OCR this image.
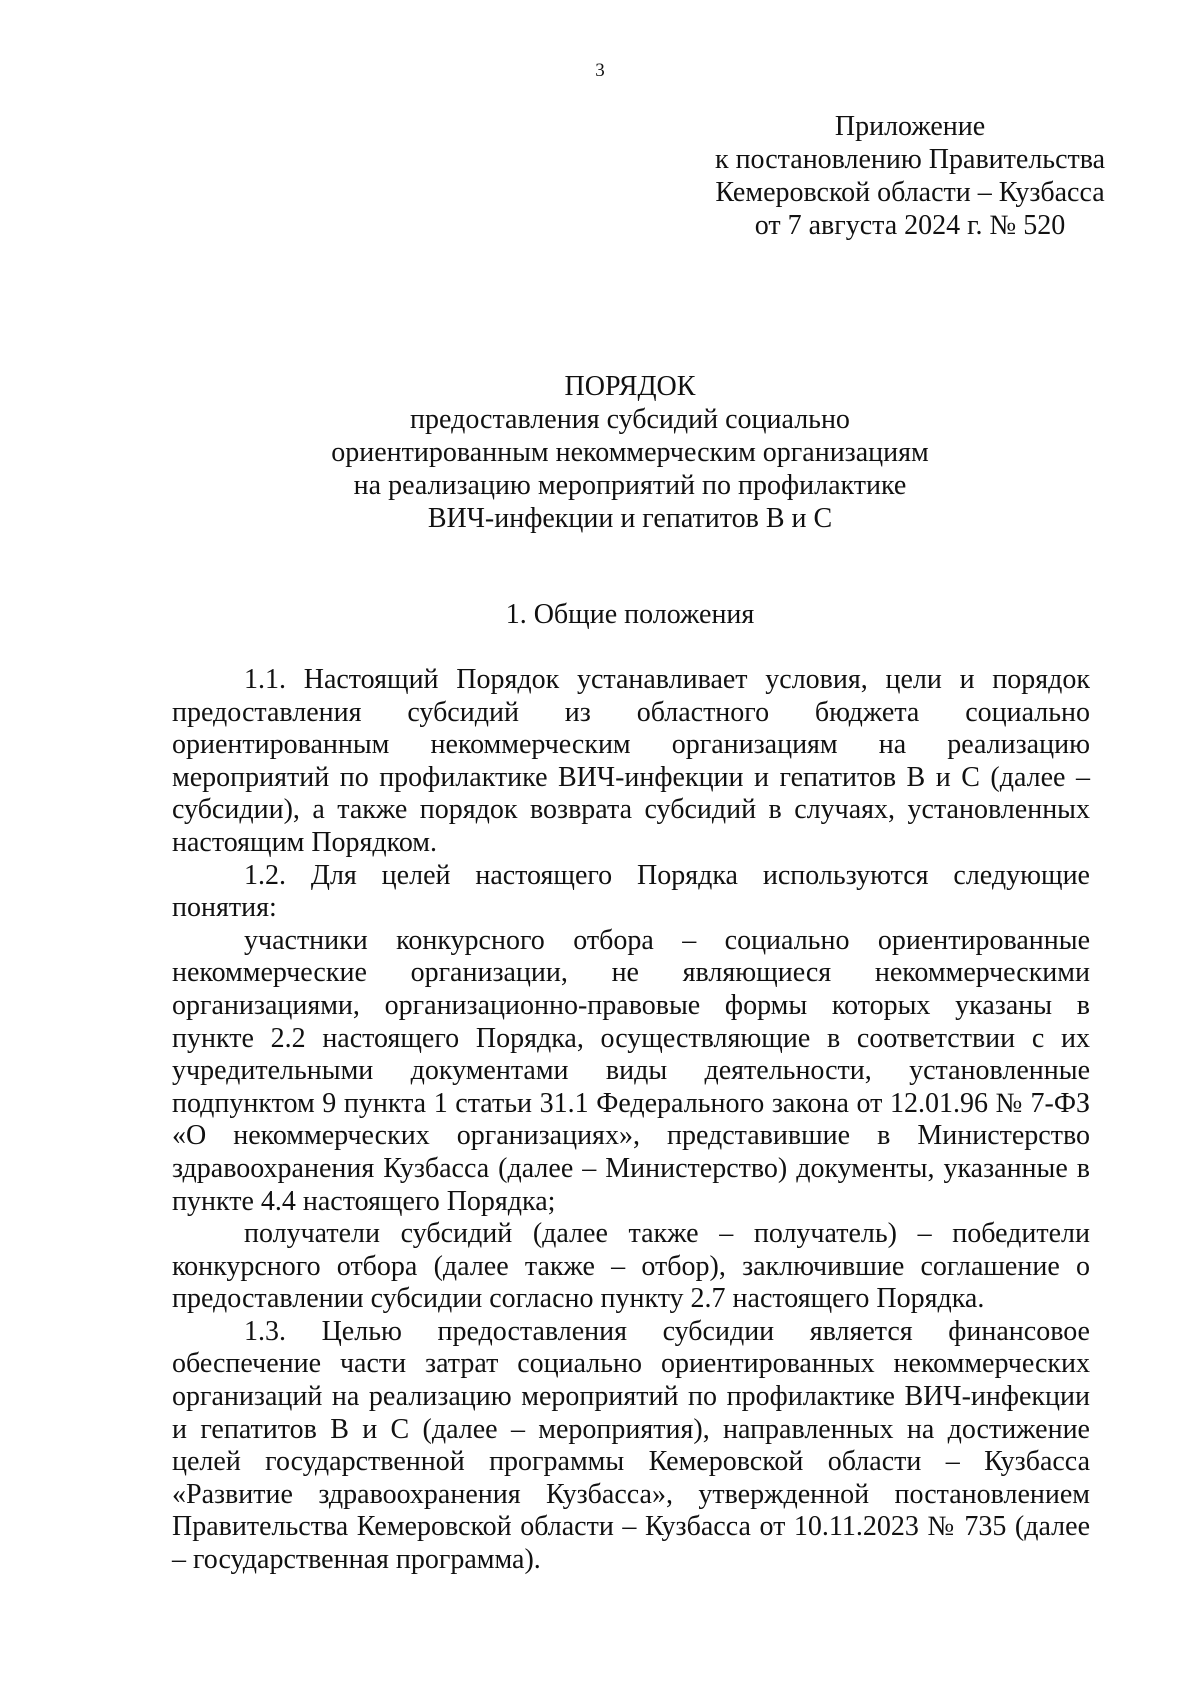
3
Приложение
к постановлению Правительства
Кемеровской области – Кузбасса
от 7 августа 2024 г. № 520
ПОРЯДОК
предоставления субсидий социально
ориентированным некоммерческим организациям
на реализацию мероприятий по профилактике
ВИЧ-инфекции и гепатитов В и С
1. Общие положения

1.1. Настоящий Порядок устанавливает условия, цели и порядок предоставления субсидий из областного бюджета социально ориентированным некоммерческим организациям на реализацию мероприятий по профилактике ВИЧ-инфекции и гепатитов В и С (далее – субсидии), а также порядок возврата субсидий в случаях, установленных настоящим Порядком.

1.2. Для целей настоящего Порядка используются следующие понятия:

участники конкурсного отбора – социально ориентированные некоммерческие организации, не являющиеся некоммерческими организациями, организационно-правовые формы которых указаны в пункте 2.2 настоящего Порядка, осуществляющие в соответствии с их учредительными документами виды деятельности, установленные подпунктом 9 пункта 1 статьи 31.1 Федерального закона от 12.01.96 № 7-ФЗ «О некоммерческих организациях», представившие в Министерство здравоохранения Кузбасса (далее – Министерство) документы, указанные в пункте 4.4 настоящего Порядка;

получатели субсидий (далее также – получатель) – победители конкурсного отбора (далее также – отбор), заключившие соглашение о предоставлении субсидии согласно пункту 2.7 настоящего Порядка.

1.3. Целью предоставления субсидии является финансовое обеспечение части затрат социально ориентированных некоммерческих организаций на реализацию мероприятий по профилактике ВИЧ-инфекции и гепатитов В и С (далее – мероприятия), направленных на достижение целей государственной программы Кемеровской области – Кузбасса «Развитие здравоохранения Кузбасса», утвержденной постановлением Правительства Кемеровской области – Кузбасса от 10.11.2023 № 735 (далее – государственная программа).
